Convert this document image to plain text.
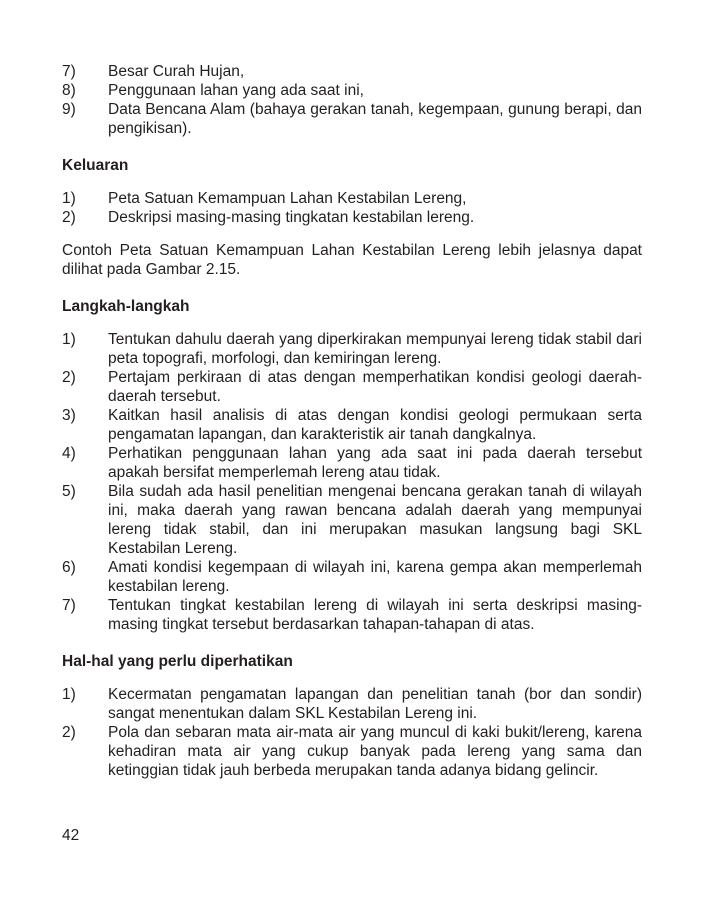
7)	Besar Curah Hujan,
8)	Penggunaan lahan yang ada saat ini,
9)	Data Bencana Alam (bahaya gerakan tanah, kegempaan, gunung berapi, dan pengikisan).

Keluaran

1)	Peta Satuan Kemampuan Lahan Kestabilan Lereng,
2)	Deskripsi masing-masing tingkatan kestabilan lereng.

Contoh Peta Satuan Kemampuan Lahan Kestabilan Lereng lebih jelasnya dapat dilihat pada Gambar 2.15.

Langkah-langkah

1)	Tentukan dahulu daerah yang diperkirakan mempunyai lereng tidak stabil dari peta topografi, morfologi, dan kemiringan lereng.
2)	Pertajam perkiraan di atas dengan memperhatikan kondisi geologi daerah-daerah tersebut.
3)	Kaitkan hasil analisis di atas dengan kondisi geologi permukaan serta pengamatan lapangan, dan karakteristik air tanah dangkalnya.
4)	Perhatikan penggunaan lahan yang ada saat ini pada daerah tersebut apakah bersifat memperlemah lereng atau tidak.
5)	Bila sudah ada hasil penelitian mengenai bencana gerakan tanah di wilayah ini, maka daerah yang rawan bencana adalah daerah yang mempunyai lereng tidak stabil, dan ini merupakan masukan langsung bagi SKL Kestabilan Lereng.
6)	Amati kondisi kegempaan di wilayah ini, karena gempa akan memperlemah kestabilan lereng.
7)	Tentukan tingkat kestabilan lereng di wilayah ini serta deskripsi masing-masing tingkat tersebut berdasarkan tahapan-tahapan di atas.

Hal-hal yang perlu diperhatikan

1)	Kecermatan pengamatan lapangan dan penelitian tanah (bor dan sondir) sangat menentukan dalam SKL Kestabilan Lereng ini.
2)	Pola dan sebaran mata air-mata air yang muncul di kaki bukit/lereng, karena kehadiran mata air yang cukup banyak pada lereng yang sama dan ketinggian tidak jauh berbeda merupakan tanda adanya bidang gelincir.

42
